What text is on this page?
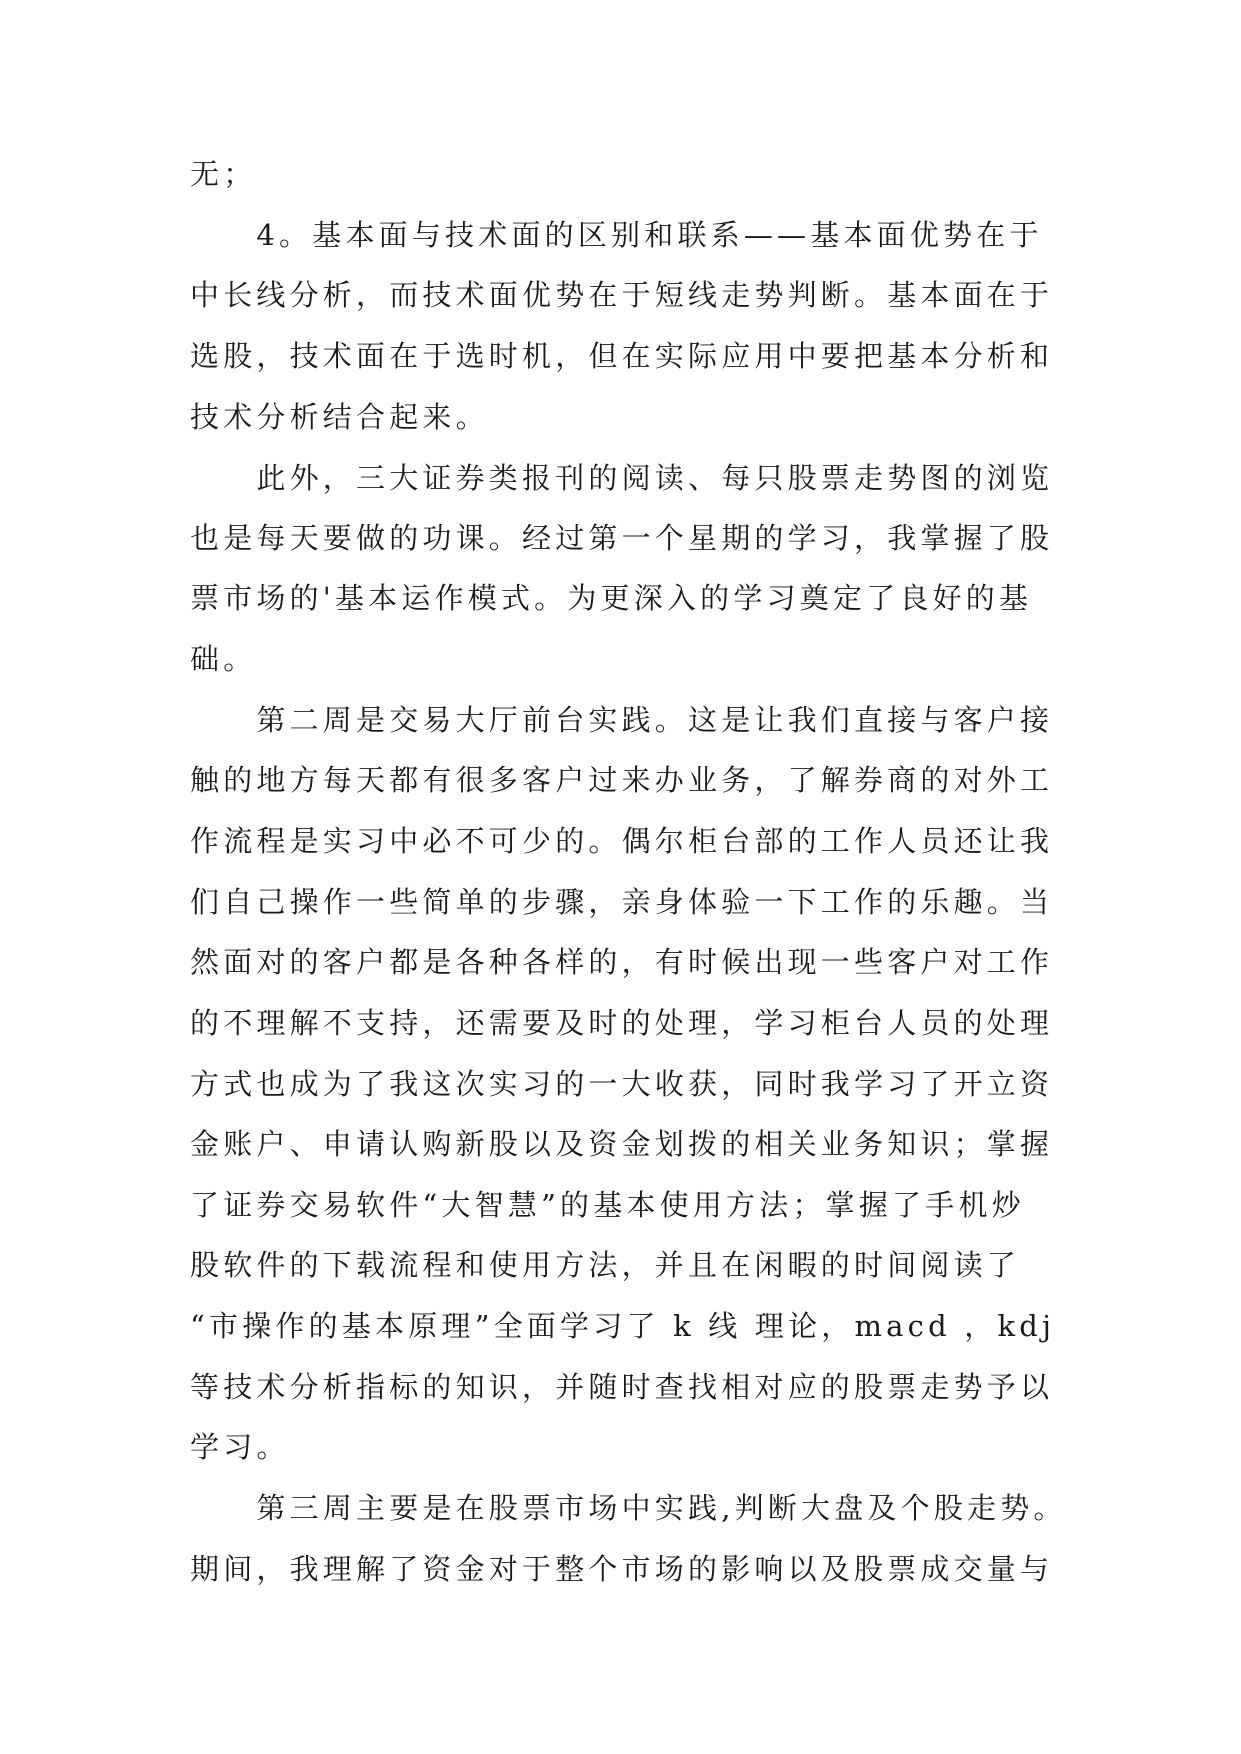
无；
　　4。基本面与技术面的区别和联系——基本面优势在于
中长线分析，而技术面优势在于短线走势判断。基本面在于
选股，技术面在于选时机，但在实际应用中要把基本分析和
技术分析结合起来。
　　此外，三大证券类报刊的阅读、每只股票走势图的浏览
也是每天要做的功课。经过第一个星期的学习，我掌握了股
票市场的'基本运作模式。为更深入的学习奠定了良好的基
础。
　　第二周是交易大厅前台实践。这是让我们直接与客户接
触的地方每天都有很多客户过来办业务，了解券商的对外工
作流程是实习中必不可少的。偶尔柜台部的工作人员还让我
们自己操作一些简单的步骤，亲身体验一下工作的乐趣。当
然面对的客户都是各种各样的，有时候出现一些客户对工作
的不理解不支持，还需要及时的处理，学习柜台人员的处理
方式也成为了我这次实习的一大收获，同时我学习了开立资
金账户、申请认购新股以及资金划拨的相关业务知识；掌握
了证券交易软件“大智慧”的基本使用方法；掌握了手机炒
股软件的下载流程和使用方法，并且在闲暇的时间阅读了
“市操作的基本原理”全面学习了 k 线 理论，macd ，kdj
等技术分析指标的知识，并随时查找相对应的股票走势予以
学习。
　　第三周主要是在股票市场中实践,判断大盘及个股走势。
期间，我理解了资金对于整个市场的影响以及股票成交量与
